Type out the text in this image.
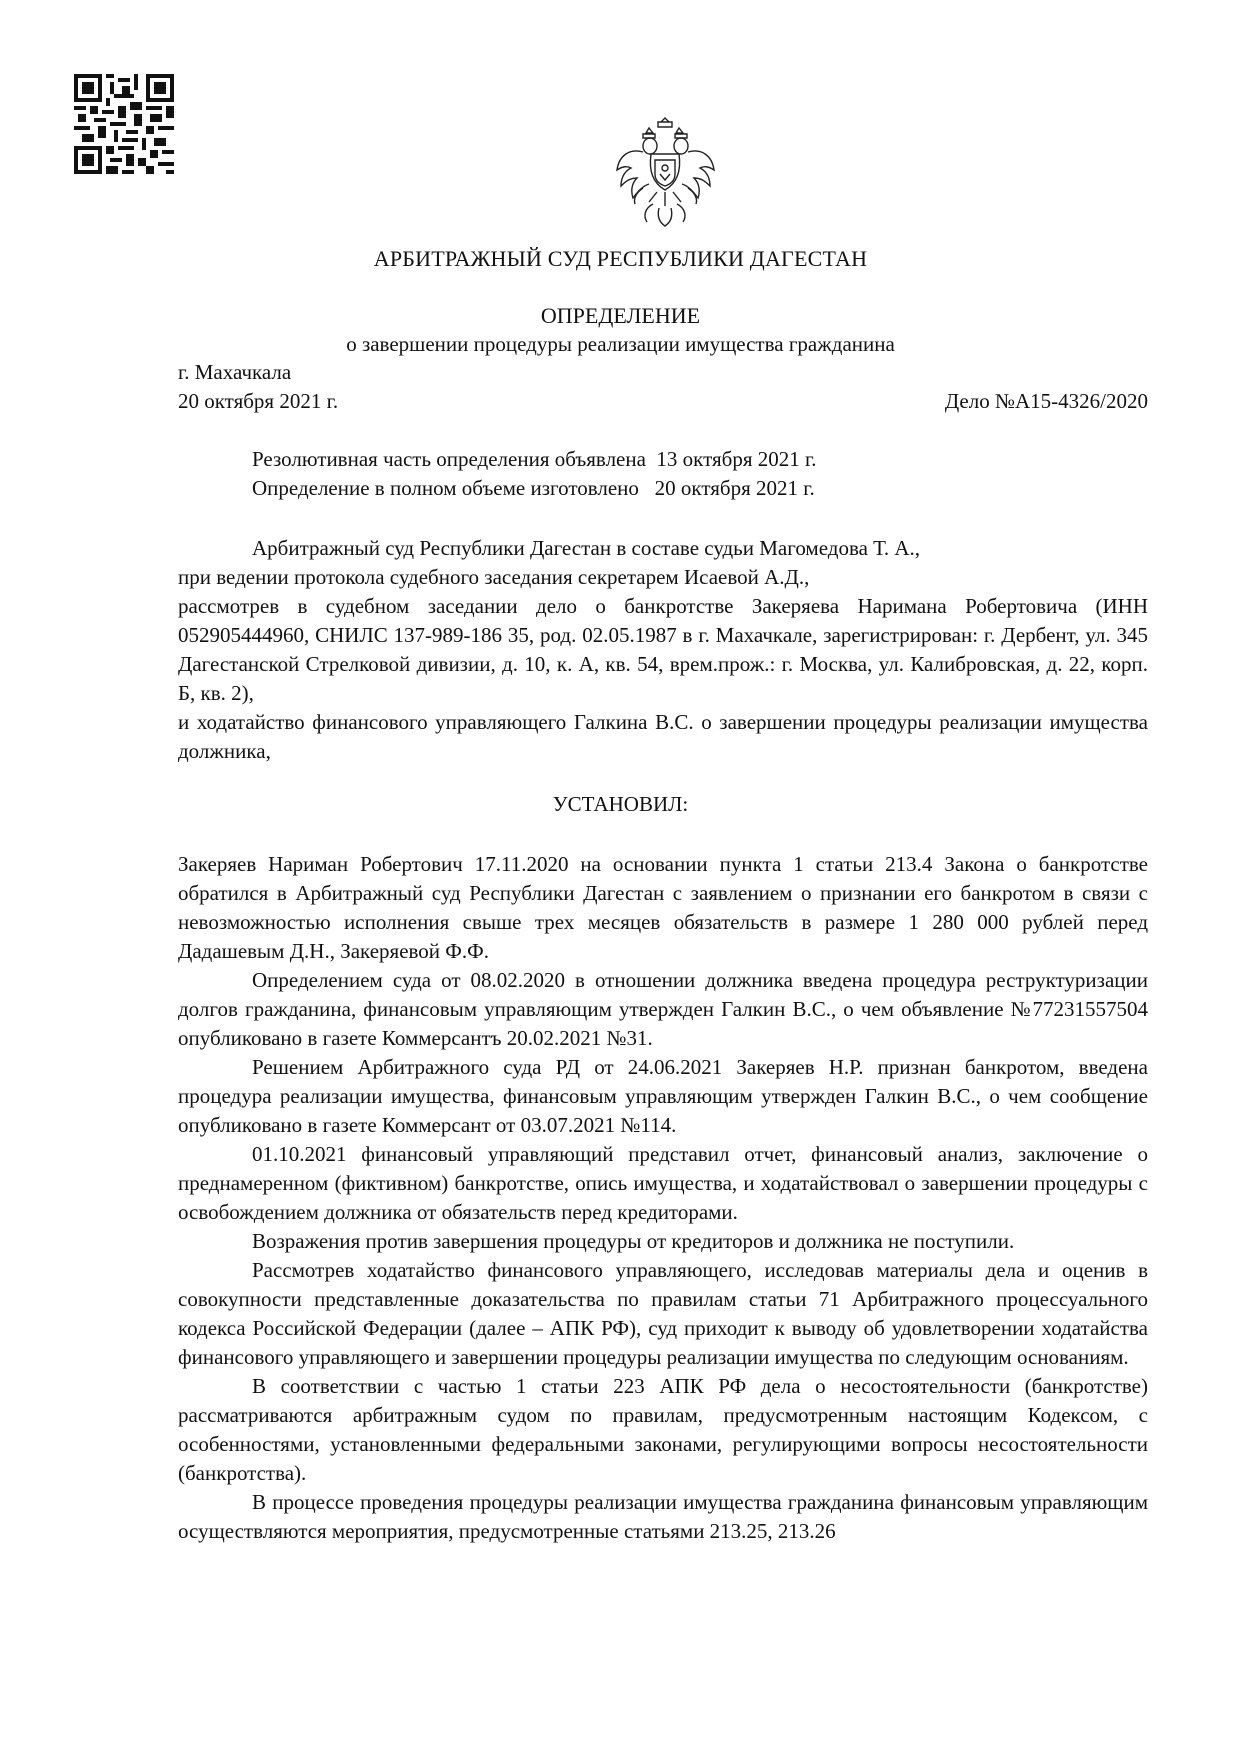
АРБИТРАЖНЫЙ СУД РЕСПУБЛИКИ ДАГЕСТАН
ОПРЕДЕЛЕНИЕ
о завершении процедуры реализации имущества гражданина
г. Махачкала
20 октября 2021 г.	Дело №А15-4326/2020
Резолютивная часть определения объявлена  13 октября 2021 г.
Определение в полном объеме изготовлено   20 октября 2021 г.

Арбитражный суд Республики Дагестан в составе судьи Магомедова Т. А.,

при ведении протокола судебного заседания секретарем Исаевой А.Д.,

рассмотрев в судебном заседании дело о банкротстве Закеряева Наримана Робертовича (ИНН 052905444960, СНИЛС 137-989-186 35, род. 02.05.1987 в г. Махачкале, зарегистрирован: г. Дербент, ул. 345 Дагестанской Стрелковой дивизии, д. 10, к. А, кв. 54, врем.прож.: г. Москва, ул. Калибровская, д. 22, корп. Б, кв. 2),

и ходатайство финансового управляющего Галкина В.С. о завершении процедуры реализации имущества должника,

УСТАНОВИЛ:

Закеряев Нариман Робертович 17.11.2020 на основании пункта 1 статьи 213.4 Закона о банкротстве обратился в Арбитражный суд Республики Дагестан с заявлением о признании его банкротом в связи с невозможностью исполнения свыше трех месяцев обязательств в размере 1 280 000 рублей перед Дадашевым Д.Н., Закеряевой Ф.Ф.

Определением суда от 08.02.2020 в отношении должника введена процедура реструктуризации долгов гражданина, финансовым управляющим утвержден Галкин В.С., о чем объявление №77231557504 опубликовано в газете Коммерсантъ 20.02.2021 №31.

Решением Арбитражного суда РД от 24.06.2021 Закеряев Н.Р. признан банкротом, введена процедура реализации имущества, финансовым управляющим утвержден Галкин В.С., о чем сообщение опубликовано в газете Коммерсант от 03.07.2021 №114.

01.10.2021 финансовый управляющий представил отчет, финансовый анализ, заключение о преднамеренном (фиктивном) банкротстве, опись имущества, и ходатайствовал о завершении процедуры с освобождением должника от обязательств перед кредиторами.

Возражения против завершения процедуры от кредиторов и должника не поступили.

Рассмотрев ходатайство финансового управляющего, исследовав материалы дела и оценив в совокупности представленные доказательства по правилам статьи 71 Арбитражного процессуального кодекса Российской Федерации (далее – АПК РФ), суд приходит к выводу об удовлетворении ходатайства финансового управляющего и завершении процедуры реализации имущества по следующим основаниям.

В соответствии с частью 1 статьи 223 АПК РФ дела о несостоятельности (банкротстве) рассматриваются арбитражным судом по правилам, предусмотренным настоящим Кодексом, с особенностями, установленными федеральными законами, регулирующими вопросы несостоятельности (банкротства).

В процессе проведения процедуры реализации имущества гражданина финансовым управляющим осуществляются мероприятия, предусмотренные статьями 213.25, 213.26
